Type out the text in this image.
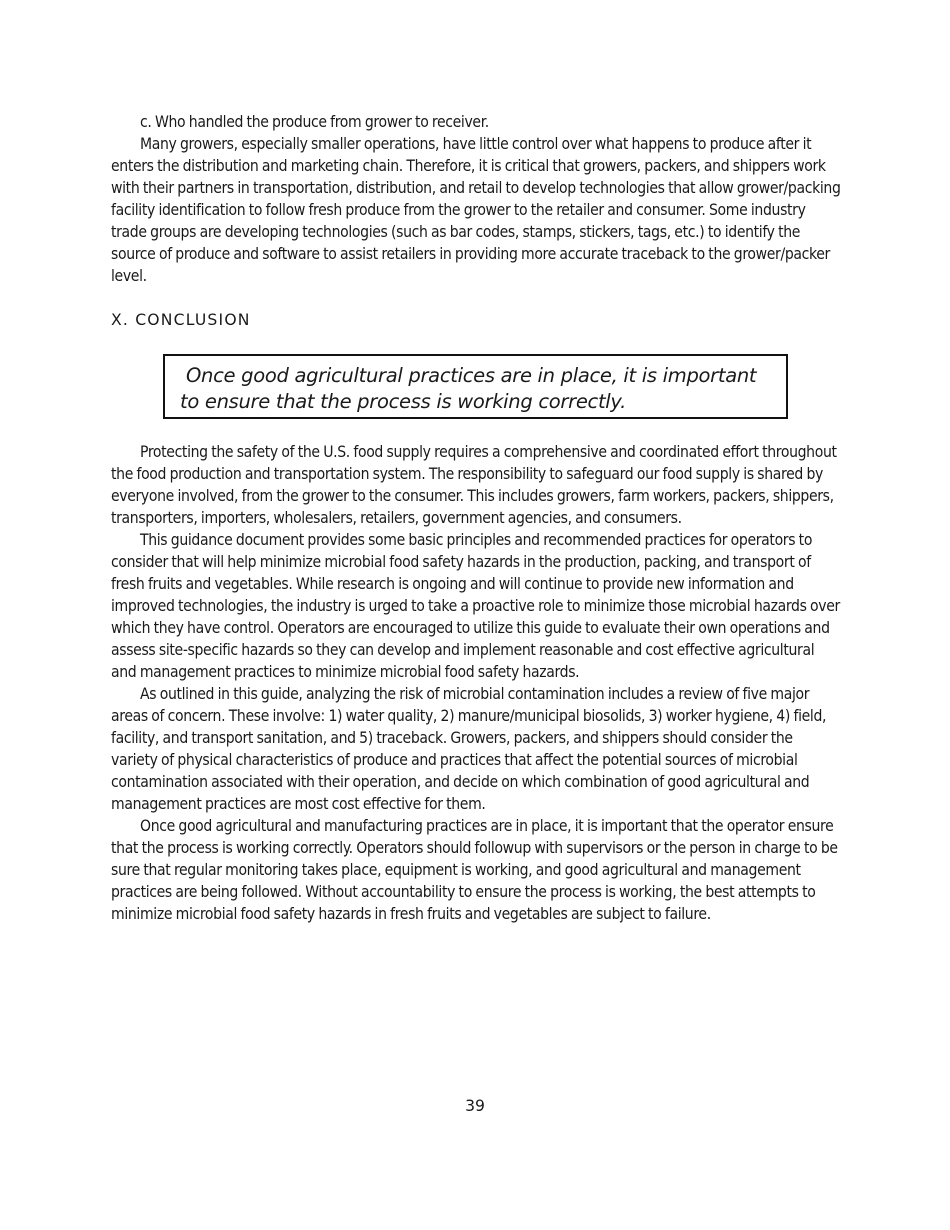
c. Who handled the produce from grower to receiver.

Many growers, especially smaller operations, have little control over what happens to produce after it enters the distribution and marketing chain. Therefore, it is critical that growers, packers, and shippers work with their partners in transportation, distribution, and retail to develop technologies that allow grower/packing facility identification to follow fresh produce from the grower to the retailer and consumer. Some industry trade groups are developing technologies (such as bar codes, stamps, stickers, tags, etc.) to identify the source of produce and software to assist retailers in providing more accurate traceback to the grower/packer level.

X. CONCLUSION

Once good agricultural practices are in place, it is important to ensure that the process is working correctly.

Protecting the safety of the U.S. food supply requires a comprehensive and coordinated effort throughout the food production and transportation system. The responsibility to safeguard our food supply is shared by everyone involved, from the grower to the consumer. This includes growers, farm workers, packers, shippers, transporters, importers, wholesalers, retailers, government agencies, and consumers.

This guidance document provides some basic principles and recommended practices for operators to consider that will help minimize microbial food safety hazards in the production, packing, and transport of fresh fruits and vegetables. While research is ongoing and will continue to provide new information and improved technologies, the industry is urged to take a proactive role to minimize those microbial hazards over which they have control. Operators are encouraged to utilize this guide to evaluate their own operations and assess site-specific hazards so they can develop and implement reasonable and cost effective agricultural and management practices to minimize microbial food safety hazards.

As outlined in this guide, analyzing the risk of microbial contamination includes a review of five major areas of concern. These involve: 1) water quality, 2) manure/municipal biosolids, 3) worker hygiene, 4) field, facility, and transport sanitation, and 5) traceback. Growers, packers, and shippers should consider the variety of physical characteristics of produce and practices that affect the potential sources of microbial contamination associated with their operation, and decide on which combination of good agricultural and management practices are most cost effective for them.

Once good agricultural and manufacturing practices are in place, it is important that the operator ensure that the process is working correctly. Operators should followup with supervisors or the person in charge to be sure that regular monitoring takes place, equipment is working, and good agricultural and management practices are being followed. Without accountability to ensure the process is working, the best attempts to minimize microbial food safety hazards in fresh fruits and vegetables are subject to failure.

39
